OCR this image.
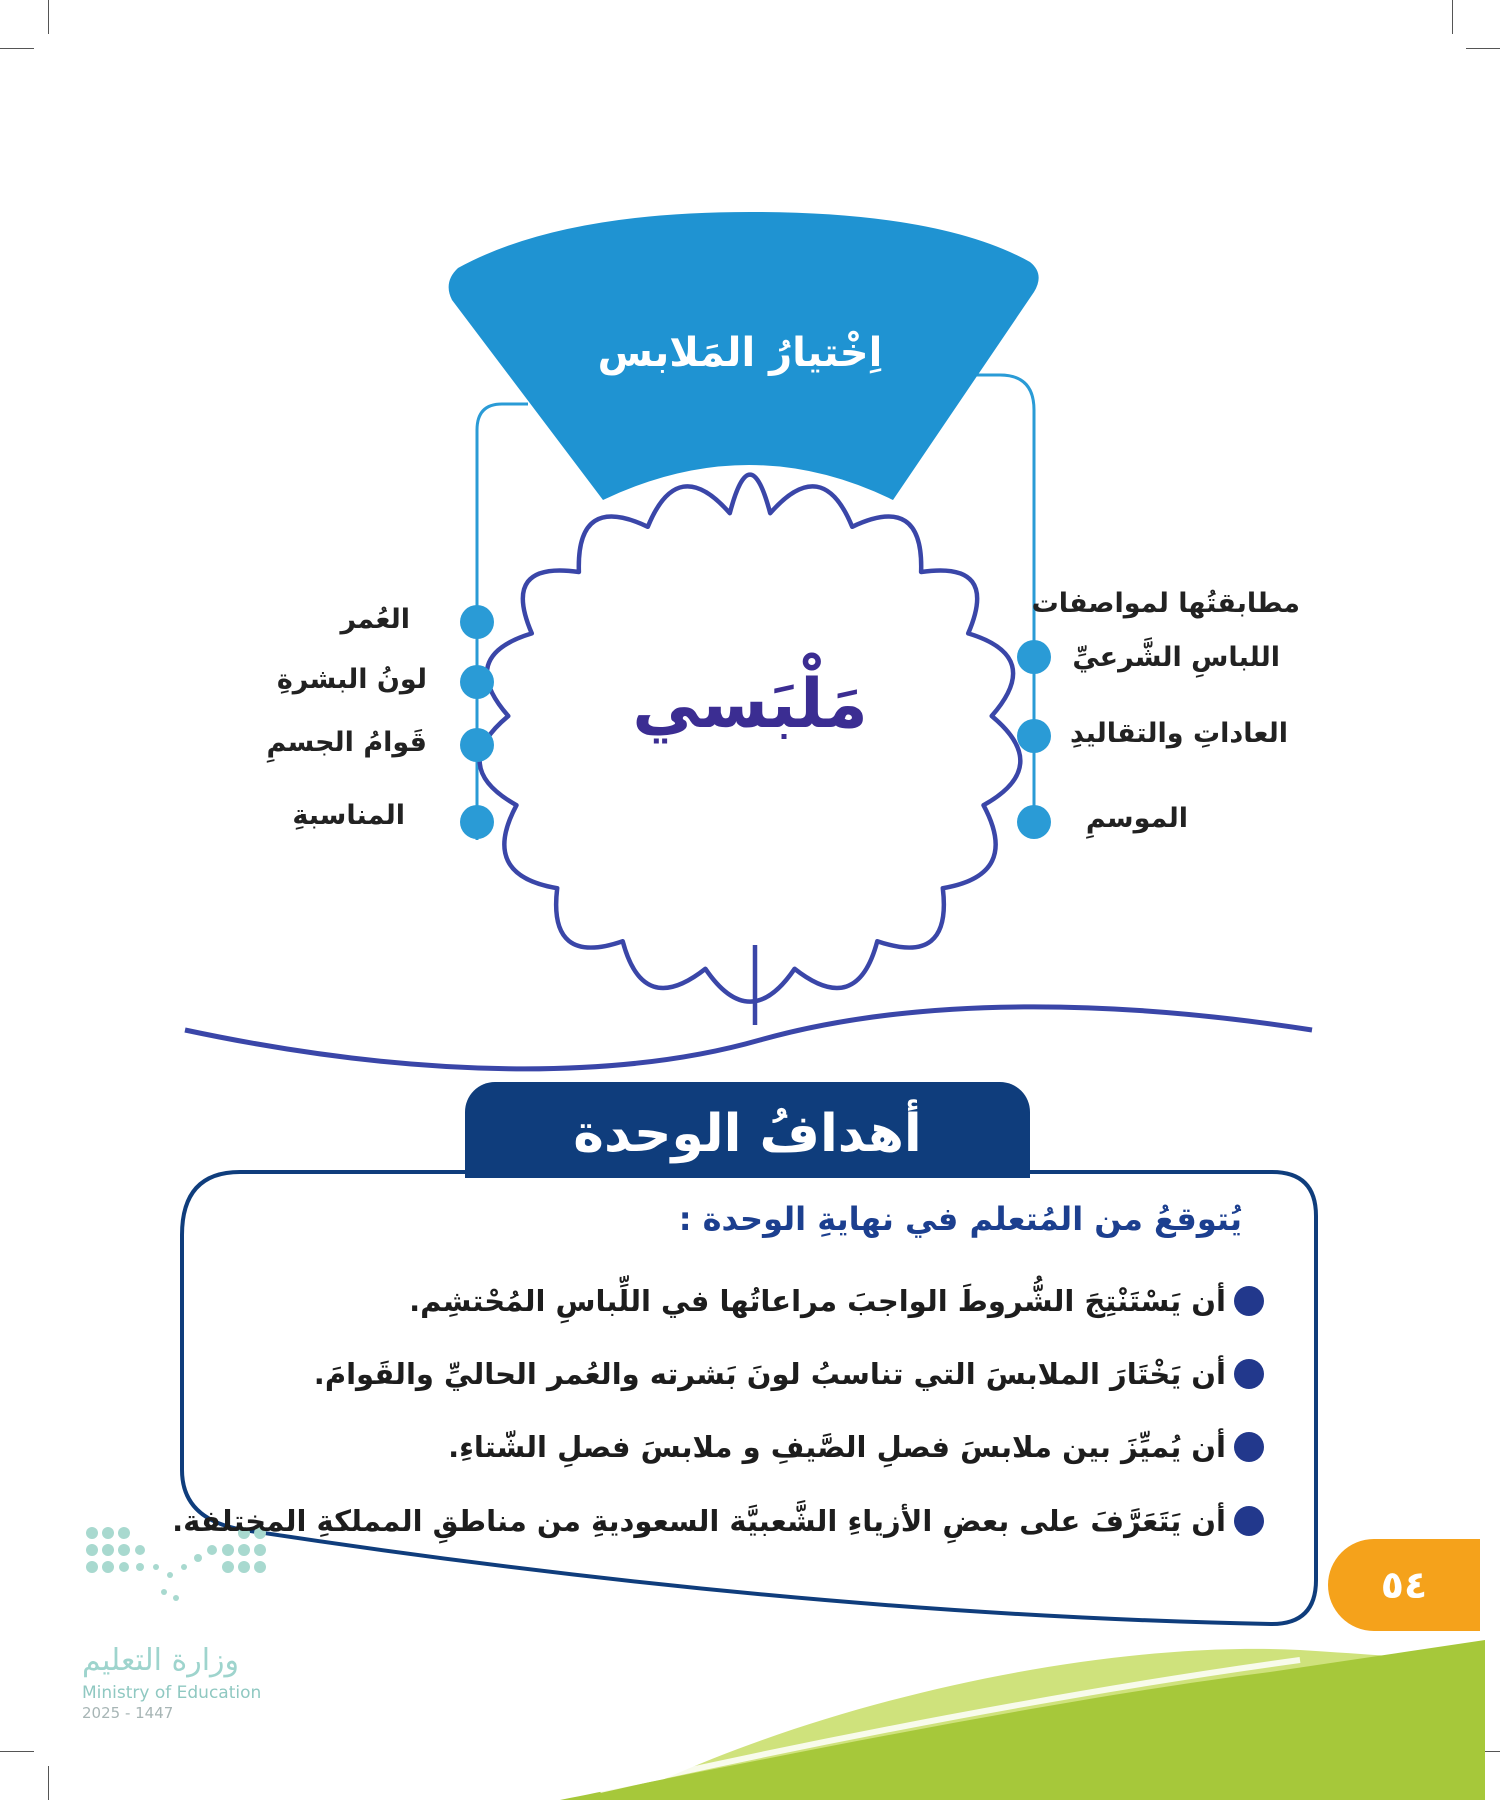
اِخْتيارُ المَلابس
مَلْبَسي
مطابقتُها لمواصفات
اللباسِ الشَّرعيِّ
العاداتِ والتقاليدِ
الموسمِ
العُمر
لونُ البشرةِ
قَوامُ الجسمِ
المناسبةِ
أهدافُ الوحدة
يُتوقعُ من المُتعلم في نهايةِ الوحدة :
أن يَسْتَنْتِجَ الشُّروطَ الواجبَ مراعاتُها في اللِّباسِ المُحْتشِم.
أن يَخْتَارَ الملابسَ التي تناسبُ لونَ بَشرته والعُمر الحاليِّ والقَوامَ.
أن يُميِّزَ بين ملابسَ فصلِ الصَّيفِ و ملابسَ فصلِ الشّتاءِ.
أن يَتَعَرَّفَ على بعضِ الأزياءِ الشَّعبيَّة السعوديةِ من مناطقِ المملكةِ المختلفة.
٥٤
وزارة التعليم
Ministry of Education
2025 - 1447
